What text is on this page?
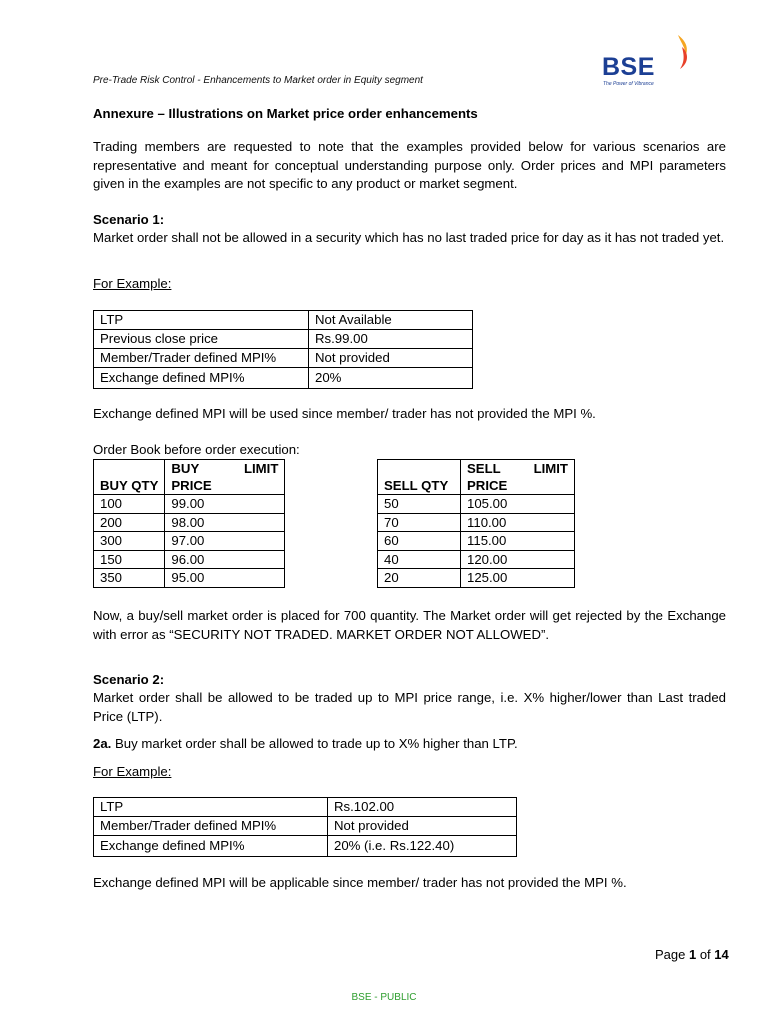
Pre-Trade Risk Control - Enhancements to Market order in Equity segment	BSE
The Power of Vibrance
Annexure – Illustrations on Market price order enhancements

Trading members are requested to note that the examples provided below for various scenarios are representative and meant for conceptual understanding purpose only. Order prices and MPI parameters given in the examples are not specific to any product or market segment.

Scenario 1:

Market order shall not be allowed in a security which has no last traded price for day as it has not traded yet.

For Example:
LTP	Not Available
Previous close price	Rs.99.00
Member/Trader defined MPI%	Not provided
Exchange defined MPI%	20%

Exchange defined MPI will be used since member/ trader has not provided the MPI %.

Order Book before order execution:

BUY QTY	BUY LIMIT
PRICE

100	99.00
200	98.00
300	97.00
150	96.00
350	95.00
SELL QTY	SELL LIMIT
PRICE

50	105.00
70	110.00
60	115.00
40	120.00
20	125.00

Now, a buy/sell market order is placed for 700 quantity. The Market order will get rejected by the Exchange with error as “SECURITY NOT TRADED. MARKET ORDER NOT ALLOWED”.

Scenario 2:

Market order shall be allowed to be traded up to MPI price range, i.e. X% higher/lower than Last traded Price (LTP).

2a. Buy market order shall be allowed to trade up to X% higher than LTP.

For Example:
LTP	Rs.102.00
Member/Trader defined MPI%	Not provided
Exchange defined MPI%	20% (i.e. Rs.122.40)

Exchange defined MPI will be applicable since member/ trader has not provided the MPI %.

Page 1 of 14
BSE - PUBLIC
